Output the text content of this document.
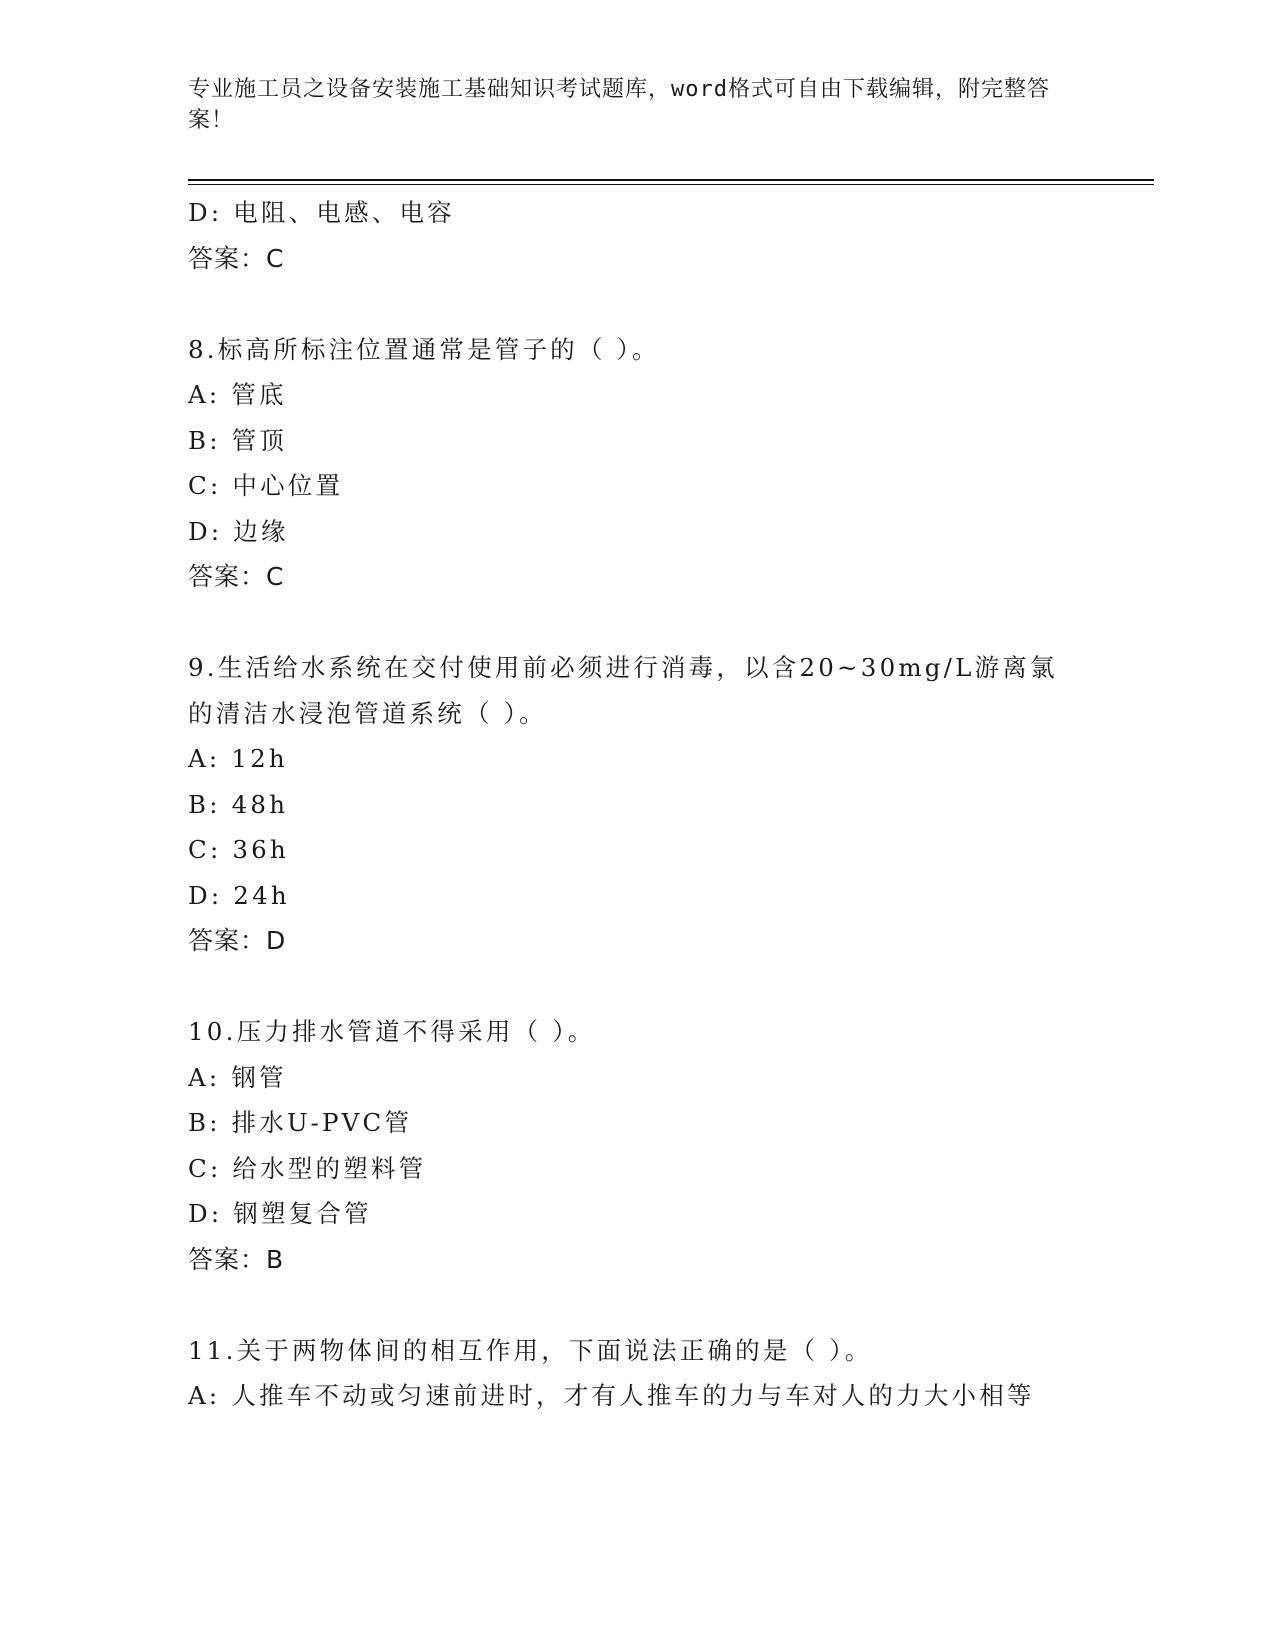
专业施工员之设备安装施工基础知识考试题库，word格式可自由下载编辑，附完整答案！
D: 电阻、电感、电容
答案：C
8.标高所标注位置通常是管子的（ ）。
A: 管底
B: 管顶
C: 中心位置
D: 边缘
答案：C
9.生活给水系统在交付使用前必须进行消毒，以含20~30mg/L游离氯
的清洁水浸泡管道系统（ ）。
A: 12h
B: 48h
C: 36h
D: 24h
答案：D
10.压力排水管道不得采用（ ）。
A: 钢管
B: 排水U-PVC管
C: 给水型的塑料管
D: 钢塑复合管
答案：B
11.关于两物体间的相互作用，下面说法正确的是（ ）。
A: 人推车不动或匀速前进时，才有人推车的力与车对人的力大小相等
